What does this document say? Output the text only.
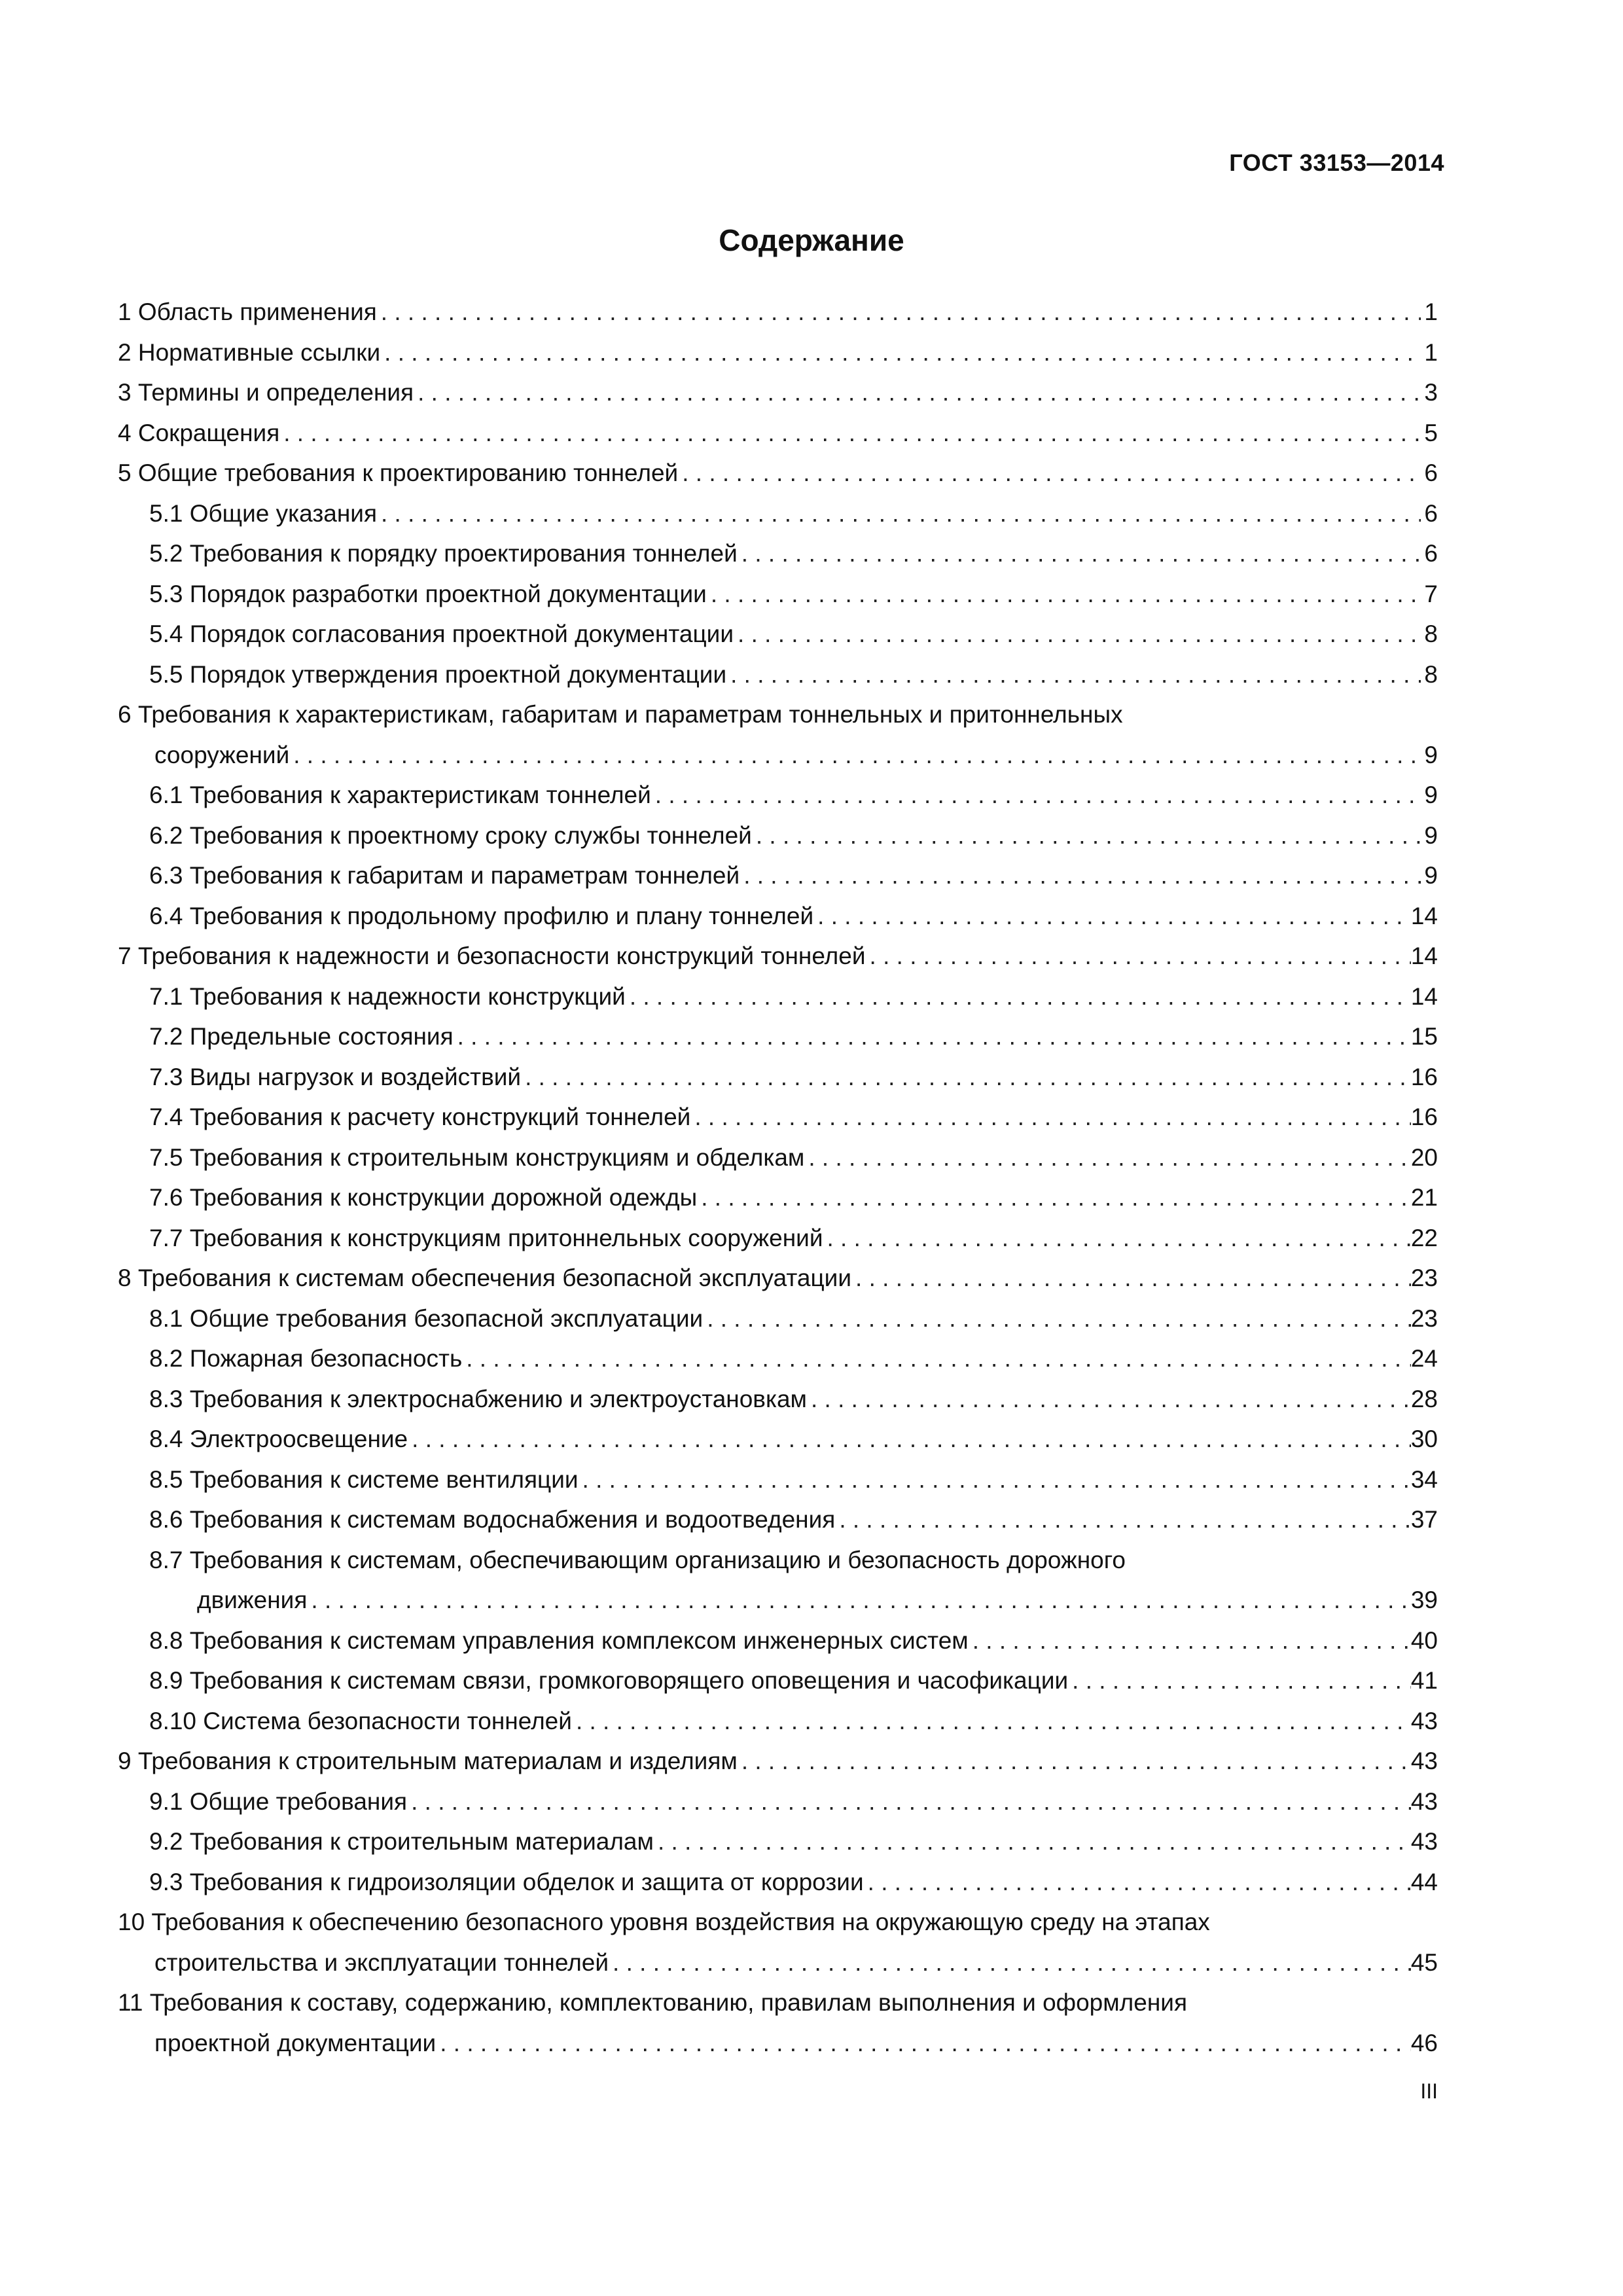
ГОСТ 33153—2014
Содержание
1 Область применения . . .	1
2 Нормативные ссылки . . .	1
3 Термины и определения . . .	3
4 Сокращения . . .	5
5 Общие требования к проектированию тоннелей . . .	6
5.1 Общие указания . . .	6
5.2 Требования к порядку проектирования тоннелей . . .	6
5.3 Порядок разработки проектной документации . . .	7
5.4 Порядок согласования проектной документации . . .	8
5.5 Порядок утверждения проектной документации . . .	8
6 Требования к характеристикам, габаритам и параметрам тоннельных и притоннельных
сооружений . . .	9
6.1 Требования к характеристикам тоннелей . . .	9
6.2 Требования к проектному сроку службы тоннелей . . .	9
6.3 Требования к габаритам и параметрам тоннелей . . .	9
6.4 Требования к продольному профилю и плану тоннелей . . .	14
7 Требования к надежности и безопасности конструкций тоннелей . . .	14
7.1 Требования к надежности конструкций . . .	14
7.2 Предельные состояния . . .	15
7.3 Виды нагрузок и воздействий . . .	16
7.4 Требования к расчету конструкций тоннелей . . .	16
7.5 Требования к строительным конструкциям и обделкам . . .	20
7.6 Требования к конструкции дорожной одежды . . .	21
7.7 Требования к конструкциям притоннельных сооружений . . .	22
8 Требования к системам обеспечения безопасной эксплуатации . . .	23
8.1 Общие требования безопасной эксплуатации . . .	23
8.2 Пожарная безопасность . . .	24
8.3 Требования к электроснабжению и электроустановкам . . .	28
8.4 Электроосвещение . . .	30
8.5 Требования к системе вентиляции . . .	34
8.6 Требования к системам водоснабжения и водоотведения . . .	37
8.7 Требования к системам, обеспечивающим организацию и безопасность дорожного
движения . . .	39
8.8 Требования к системам управления комплексом инженерных систем . . .	40
8.9 Требования к системам связи, громкоговорящего оповещения и часофикации . . .	41
8.10 Система безопасности тоннелей . . .	43
9 Требования к строительным материалам и изделиям . . .	43
9.1 Общие требования . . .	43
9.2 Требования к строительным материалам . . .	43
9.3 Требования к гидроизоляции обделок и защита от коррозии . . .	44
10 Требования к обеспечению безопасного уровня воздействия на окружающую среду на этапах
строительства и эксплуатации тоннелей . . .	45
11 Требования к составу, содержанию, комплектованию, правилам выполнения и оформления
проектной документации . . .	46
III
